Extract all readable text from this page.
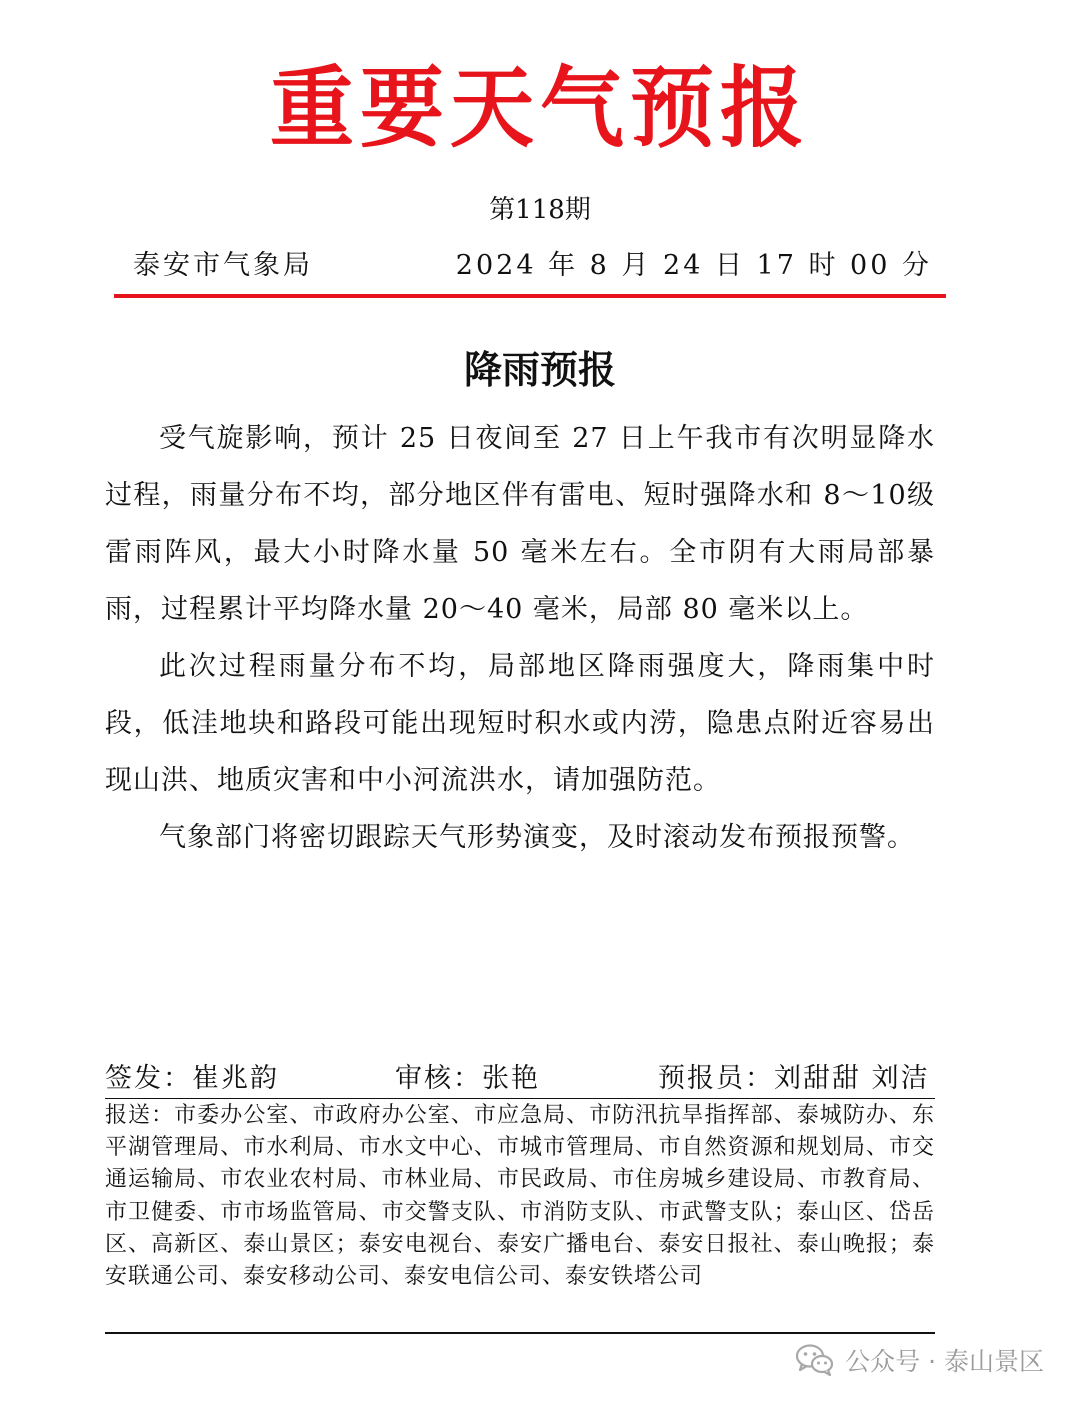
重要天气预报
第118期
泰安市气象局	2024 年 8 月 24 日 17 时 00 分
降雨预报

受气旋影响，预计 25 日夜间至 27 日上午我市有次明显降水过程，雨量分布不均，部分地区伴有雷电、短时强降水和 8～10级雷雨阵风，最大小时降水量 50 毫米左右。全市阴有大雨局部暴雨，过程累计平均降水量 20～40 毫米，局部 80 毫米以上。

此次过程雨量分布不均，局部地区降雨强度大，降雨集中时段，低洼地块和路段可能出现短时积水或内涝，隐患点附近容易出现山洪、地质灾害和中小河流洪水，请加强防范。

气象部门将密切跟踪天气形势演变，及时滚动发布预报预警。

签发：崔兆韵	审核：张艳	预报员：刘甜甜 刘洁
报送：市委办公室、市政府办公室、市应急局、市防汛抗旱指挥部、泰城防办、东平湖管理局、市水利局、市水文中心、市城市管理局、市自然资源和规划局、市交通运输局、市农业农村局、市林业局、市民政局、市住房城乡建设局、市教育局、市卫健委、市市场监管局、市交警支队、市消防支队、市武警支队；泰山区、岱岳区、高新区、泰山景区；泰安电视台、泰安广播电台、泰安日报社、泰山晚报；泰安联通公司、泰安移动公司、泰安电信公司、泰安铁塔公司
公众号 · 泰山景区
